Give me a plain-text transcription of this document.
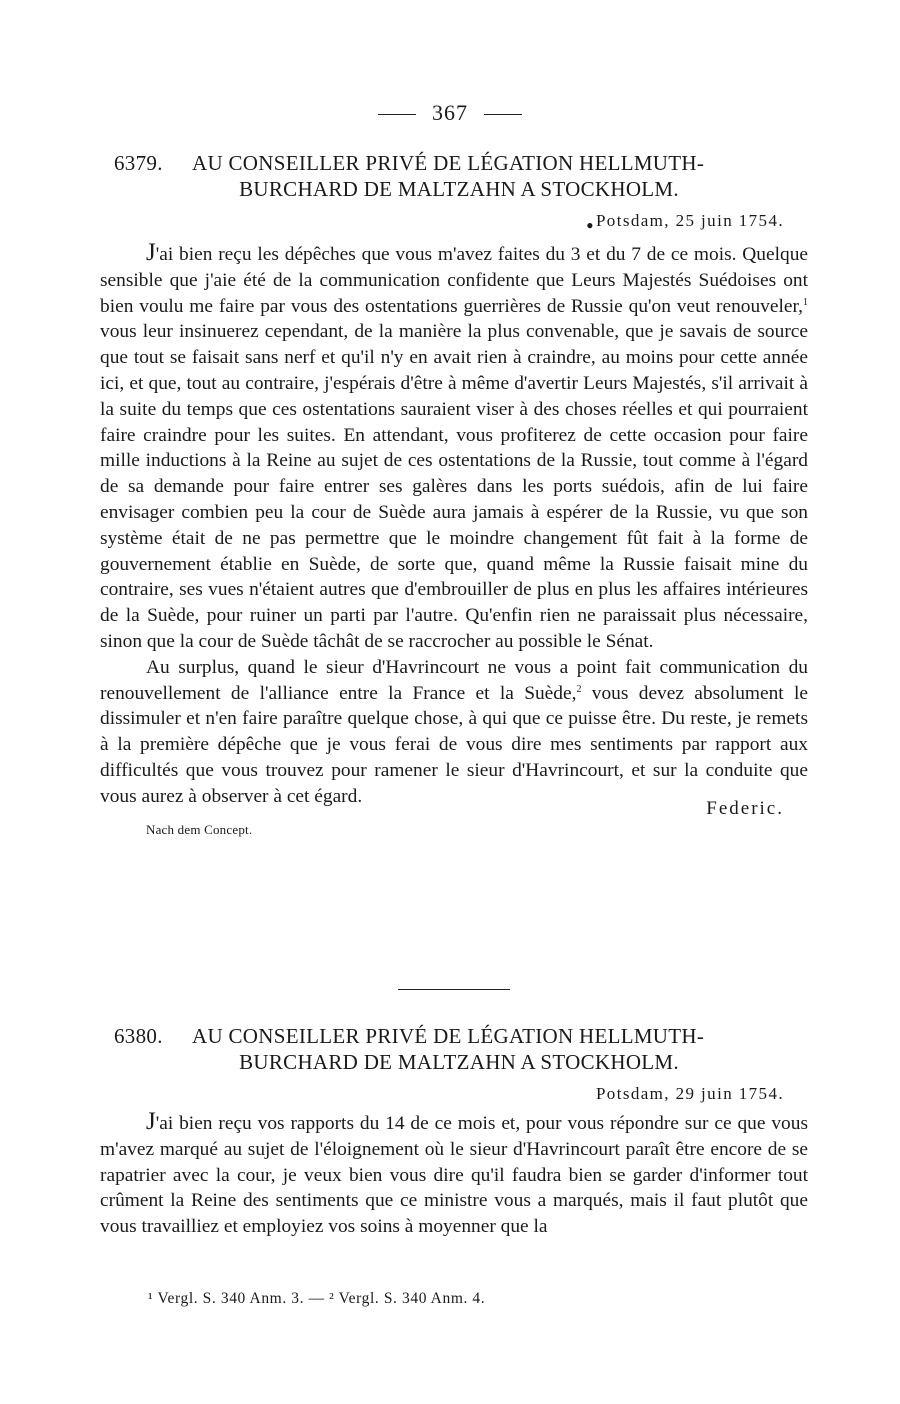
367
6379. AU CONSEILLER PRIVÉ DE LÉGATION HELLMUTH-
BURCHARD DE MALTZAHN A STOCKHOLM.
●Potsdam, 25 juin 1754.

J'ai bien reçu les dépêches que vous m'avez faites du 3 et du 7 de ce mois. Quelque sensible que j'aie été de la communication confidente que Leurs Majestés Suédoises ont bien voulu me faire par vous des ostentations guerrières de Russie qu'on veut renouveler,$^1$ vous leur insinuerez cependant, de la manière la plus convenable, que je savais de source que tout se faisait sans nerf et qu'il n'y en avait rien à craindre, au moins pour cette année ici, et que, tout au contraire, j'espérais d'être à même d'avertir Leurs Majestés, s'il arrivait à la suite du temps que ces ostentations sauraient viser à des choses réelles et qui pourraient faire craindre pour les suites. En attendant, vous profiterez de cette occasion pour faire mille inductions à la Reine au sujet de ces ostentations de la Russie, tout comme à l'égard de sa demande pour faire entrer ses galères dans les ports suédois, afin de lui faire envisager combien peu la cour de Suède aura jamais à espérer de la Russie, vu que son système était de ne pas permettre que le moindre changement fût fait à la forme de gouvernement établie en Suède, de sorte que, quand même la Russie faisait mine du contraire, ses vues n'étaient autres que d'embrouiller de plus en plus les affaires intérieures de la Suède, pour ruiner un parti par l'autre. Qu'enfin rien ne paraissait plus nécessaire, sinon que la cour de Suède tâchât de se raccrocher au possible le Sénat.

Au surplus, quand le sieur d'Havrincourt ne vous a point fait communication du renouvellement de l'alliance entre la France et la Suède,$^2$ vous devez absolument le dissimuler et n'en faire paraître quelque chose, à qui que ce puisse être. Du reste, je remets à la première dépêche que je vous ferai de vous dire mes sentiments par rapport aux difficultés que vous trouvez pour ramener le sieur d'Havrincourt, et sur la conduite que vous aurez à observer à cet égard.

Federic.
Nach dem Concept.
6380. AU CONSEILLER PRIVÉ DE LÉGATION HELLMUTH-
BURCHARD DE MALTZAHN A STOCKHOLM.
Potsdam, 29 juin 1754.

J'ai bien reçu vos rapports du 14 de ce mois et, pour vous répondre sur ce que vous m'avez marqué au sujet de l'éloignement où le sieur d'Havrincourt paraît être encore de se rapatrier avec la cour, je veux bien vous dire qu'il faudra bien se garder d'informer tout crûment la Reine des sentiments que ce ministre vous a marqués, mais il faut plutôt que vous travailliez et employiez vos soins à moyenner que la

¹ Vergl. S. 340 Anm. 3. — ² Vergl. S. 340 Anm. 4.
